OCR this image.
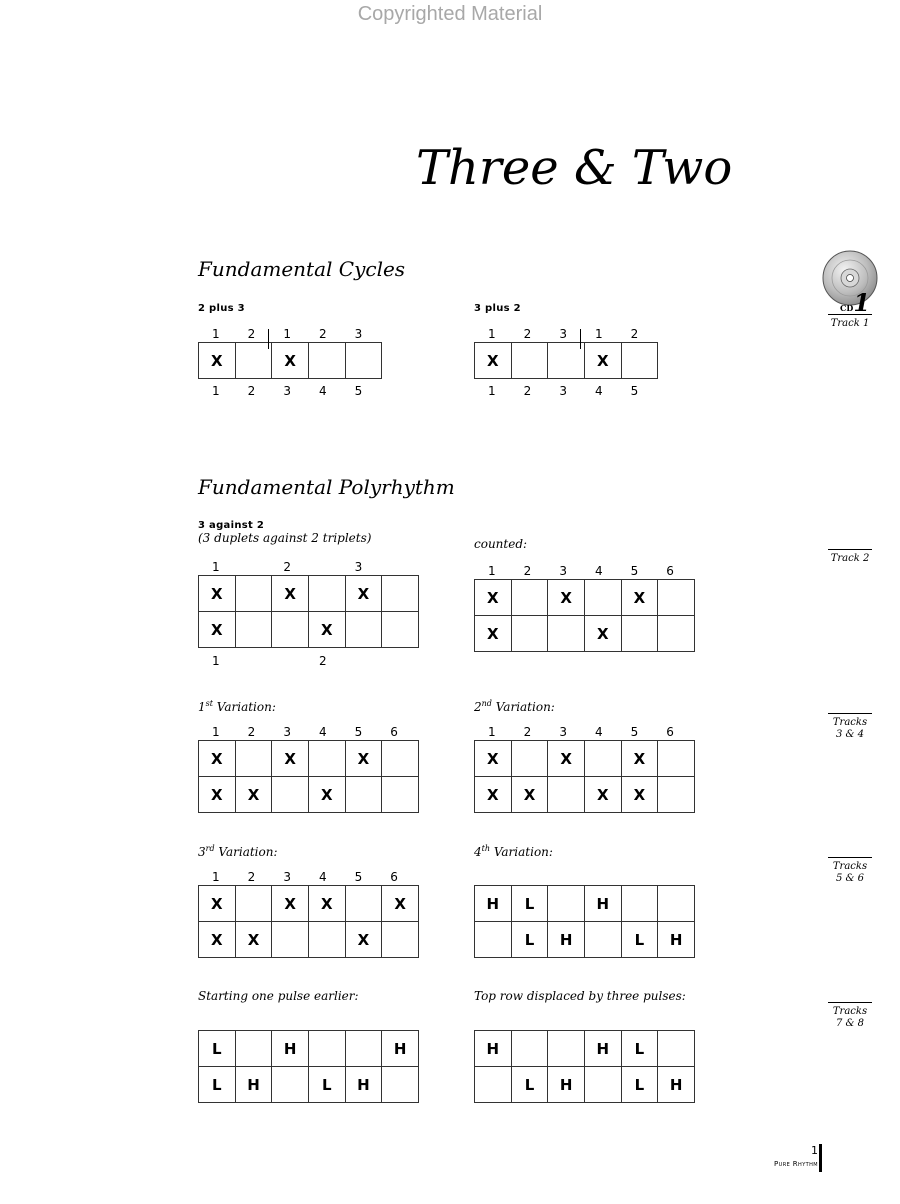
Copyrighted Material
Three & Two
Fundamental Cycles
2 plus 3
1	2	1	2	3
X		X		
1	2	3	4	5
3 plus 2
1	2	3	1	2
X			X	
1	2	3	4	5
Fundamental Polyrhythm
3 against 2
(3 duplets against 2 triplets)
1	2	3
X		X		X	
X			X		
1	2
counted:
1	2	3	4	5	6
X		X		X	
X			X		
1st Variation:
1	2	3	4	5	6
X		X		X	
X	X		X		
2nd Variation:
1	2	3	4	5	6
X		X		X	
X	X		X	X	
3rd Variation:
1	2	3	4	5	6
X		X	X		X
X	X			X	
4th Variation:
H	L		H		
	L	H		L	H
Starting one pulse earlier:
L		H			H
L	H		L	H	
Top row displaced by three pulses:
H			H	L	
	L	H		L	H
CD1
Track 1
Track 2
Tracks
3 & 4
Tracks
5 & 6
Tracks
7 & 8
1
Pure Rhythm
